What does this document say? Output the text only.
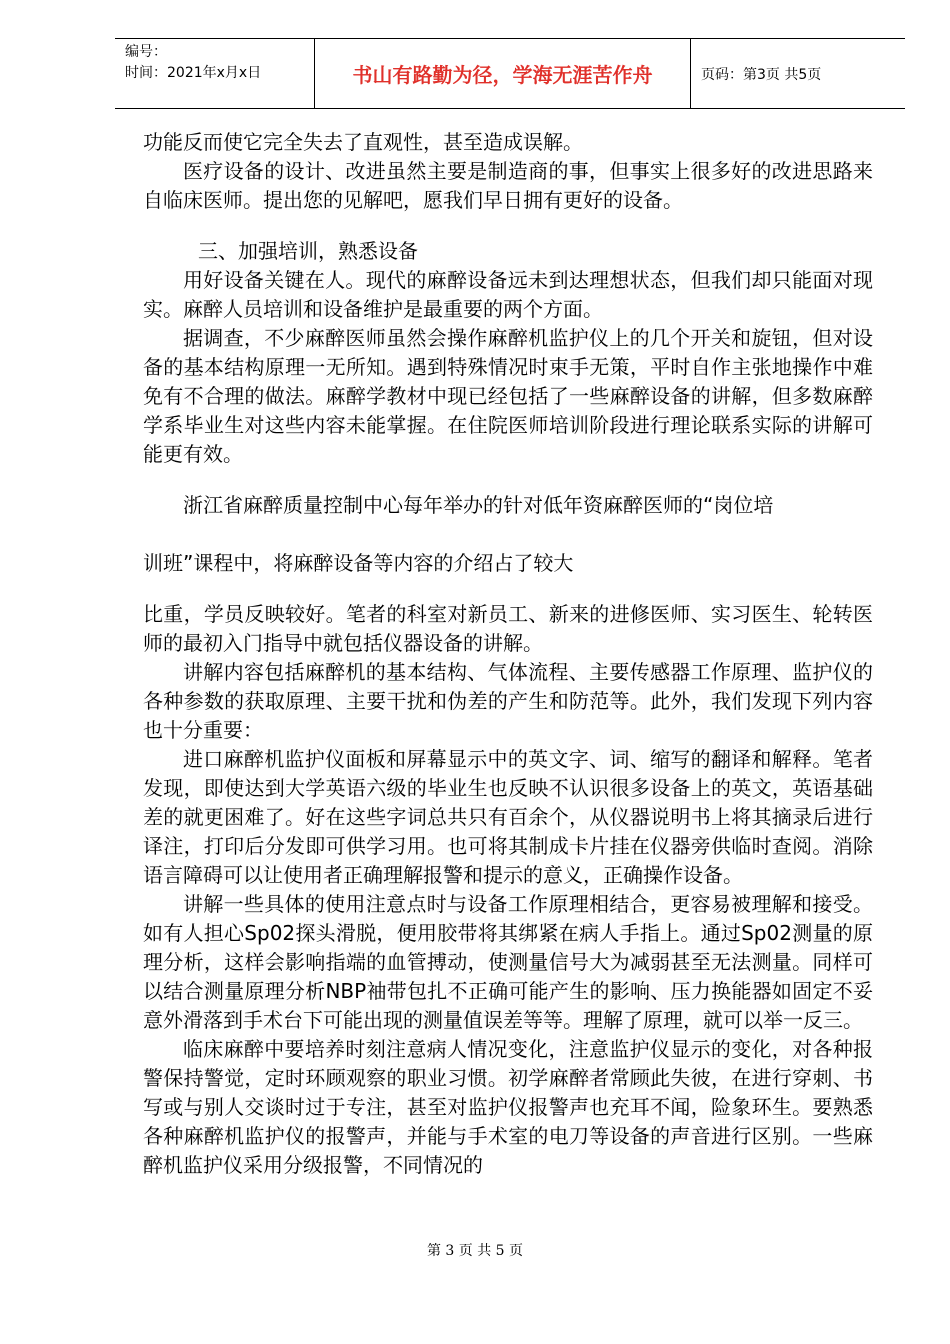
编号：
时间：2021年x月x日	书山有路勤为径，学海无涯苦作舟	页码：第3页 共5页

功能反而使它完全失去了直观性，甚至造成误解。

医疗设备的设计、改进虽然主要是制造商的事，但事实上很多好的改进思路来自临床医师。提出您的见解吧，愿我们早日拥有更好的设备。

三、加强培训，熟悉设备

用好设备关键在人。现代的麻醉设备远未到达理想状态，但我们却只能面对现实。麻醉人员培训和设备维护是最重要的两个方面。

据调查，不少麻醉医师虽然会操作麻醉机监护仪上的几个开关和旋钮，但对设备的基本结构原理一无所知。遇到特殊情况时束手无策，平时自作主张地操作中难免有不合理的做法。麻醉学教材中现已经包括了一些麻醉设备的讲解，但多数麻醉学系毕业生对这些内容未能掌握。在住院医师培训阶段进行理论联系实际的讲解可能更有效。

浙江省麻醉质量控制中心每年举办的针对低年资麻醉医师的“岗位培

训班”课程中，将麻醉设备等内容的介绍占了较大

比重，学员反映较好。笔者的科室对新员工、新来的进修医师、实习医生、轮转医师的最初入门指导中就包括仪器设备的讲解。

讲解内容包括麻醉机的基本结构、气体流程、主要传感器工作原理、监护仪的各种参数的获取原理、主要干扰和伪差的产生和防范等。此外，我们发现下列内容也十分重要：

进口麻醉机监护仪面板和屏幕显示中的英文字、词、缩写的翻译和解释。笔者发现，即使达到大学英语六级的毕业生也反映不认识很多设备上的英文，英语基础差的就更困难了。好在这些字词总共只有百余个，从仪器说明书上将其摘录后进行译注，打印后分发即可供学习用。也可将其制成卡片挂在仪器旁供临时查阅。消除语言障碍可以让使用者正确理解报警和提示的意义，正确操作设备。

讲解一些具体的使用注意点时与设备工作原理相结合，更容易被理解和接受。如有人担心Sp02探头滑脱，便用胶带将其绑紧在病人手指上。通过Sp02测量的原理分析，这样会影响指端的血管搏动，使测量信号大为减弱甚至无法测量。同样可以结合测量原理分析NBP袖带包扎不正确可能产生的影响、压力换能器如固定不妥意外滑落到手术台下可能出现的测量值误差等等。理解了原理，就可以举一反三。

临床麻醉中要培养时刻注意病人情况变化，注意监护仪显示的变化，对各种报警保持警觉，定时环顾观察的职业习惯。初学麻醉者常顾此失彼，在进行穿刺、书写或与别人交谈时过于专注，甚至对监护仪报警声也充耳不闻，险象环生。要熟悉各种麻醉机监护仪的报警声，并能与手术室的电刀等设备的声音进行区别。一些麻醉机监护仪采用分级报警，不同情况的

第 3 页 共 5 页
